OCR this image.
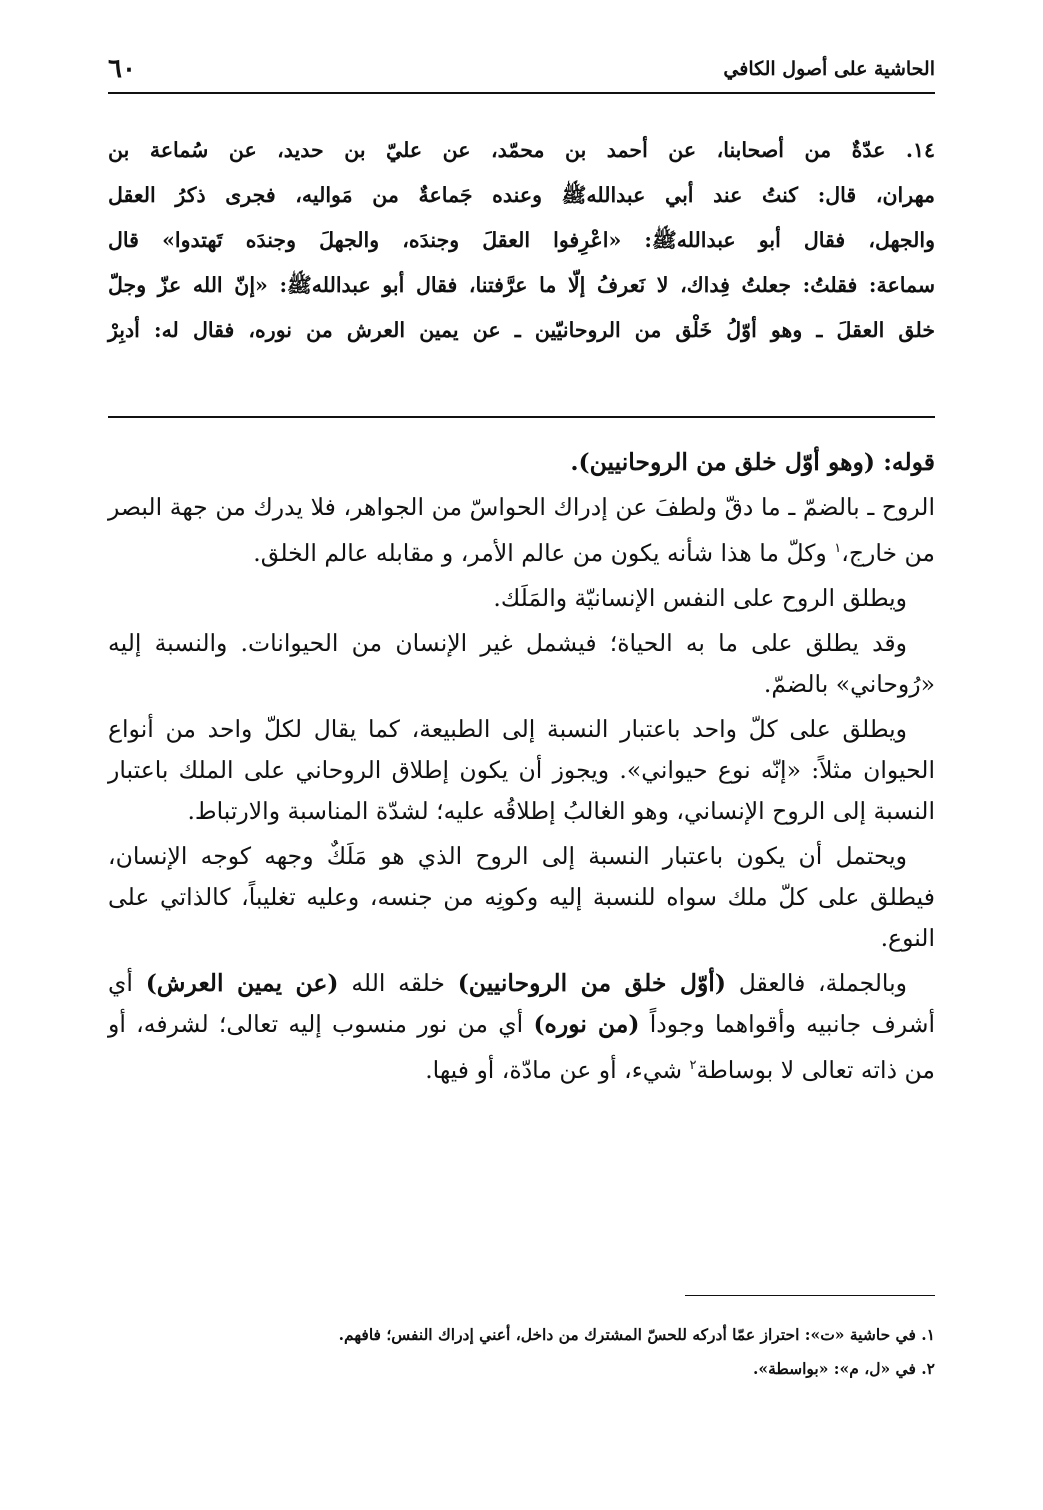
الحاشية على أصول الكافي
٦٠

١٤. عدّةٌ من أصحابنا، عن أحمد بن محمّد، عن عليّ بن حديد، عن سُماعة بن

مهران، قال: كنتُ عند أبي عبداللهﷺ وعنده جَماعةٌ من مَواليه، فجرى ذكرُ العقل

والجهل، فقال أبو عبداللهﷺ: «اعْرِفوا العقلَ وجندَه، والجهلَ وجندَه تَهتدوا» قال

سماعة: فقلتُ: جعلتُ فِداك، لا نَعرفُ إلّا ما عرَّفتنا، فقال أبو عبداللهﷺ: «إنّ الله عزّ وجلّ

خلق العقلَ ـ وهو أوّلُ خَلْق من الروحانيّين ـ عن يمين العرش من نوره، فقال له: أدبِرْ

قوله: (وهو أوّل خلق من الروحانيين).

الروح ـ بالضمّ ـ ما دقّ ولطفَ عن إدراك الحواسّ من الجواهر، فلا يدرك من جهة البصر من خارج،$^١$ وكلّ ما هذا شأنه يكون من عالم الأمر، و مقابله عالم الخلق.

ويطلق الروح على النفس الإنسانيّة والمَلَك.

وقد يطلق على ما به الحياة؛ فيشمل غير الإنسان من الحيوانات. والنسبة إليه «رُوحاني» بالضمّ.

ويطلق على كلّ واحد باعتبار النسبة إلى الطبيعة، كما يقال لكلّ واحد من أنواع الحيوان مثلاً: «إنّه نوع حيواني». ويجوز أن يكون إطلاق الروحاني على الملك باعتبار النسبة إلى الروح الإنساني، وهو الغالبُ إطلاقُه عليه؛ لشدّة المناسبة والارتباط.

ويحتمل أن يكون باعتبار النسبة إلى الروح الذي هو مَلَكٌ وجهه كوجه الإنسان، فيطلق على كلّ ملك سواه للنسبة إليه وكونِه من جنسه، وعليه تغليباً، كالذاتي على النوع.

وبالجملة، فالعقل (أوّل خلق من الروحانيين) خلقه الله (عن يمين العرش) أي أشرف جانبيه وأقواهما وجوداً (من نوره) أي من نور منسوب إليه تعالى؛ لشرفه، أو من ذاته تعالى لا بوساطة$^٢$ شيء، أو عن مادّة، أو فيها.

١. في حاشية «ت»: احتراز عمّا أدركه للحسّ المشترك من داخل، أعني إدراك النفس؛ فافهم.

٢. في «ل، م»: «بواسطة».
